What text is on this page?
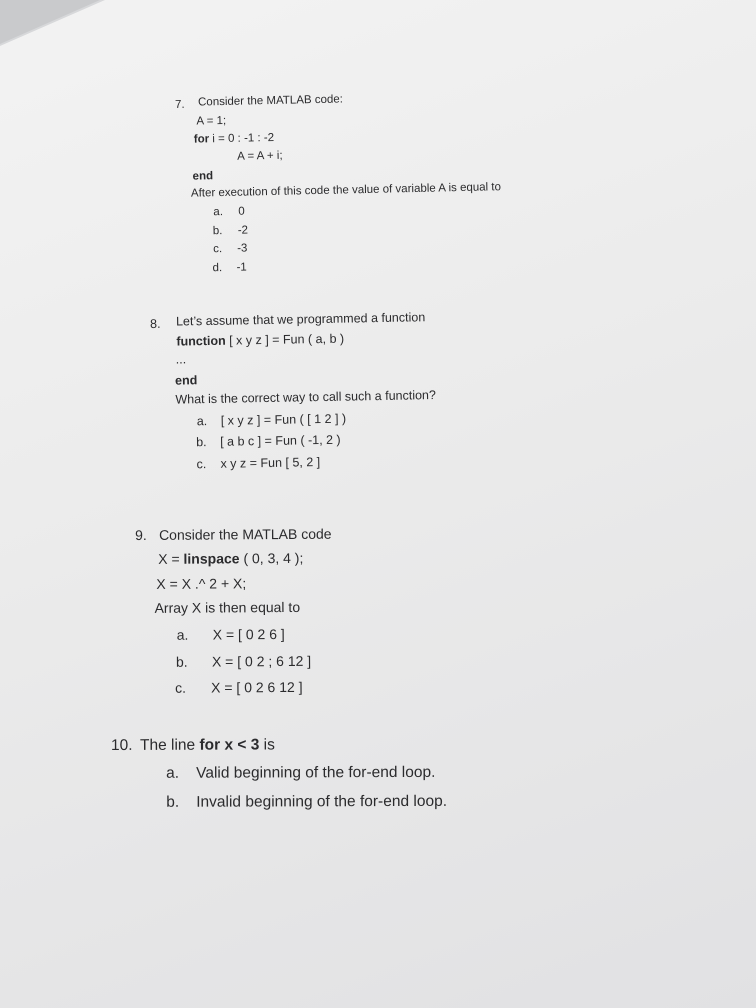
7. Consider the MATLAB code:
A = 1;
for i = 0 : -1 : -2
A = A + i;
end
After execution of this code the value of variable A is equal to
a. 0
b. -2
c. -3
d. -1
8. Let’s assume that we programmed a function
function [ x y z ] = Fun ( a, b )
...
end
What is the correct way to call such a function?
a. [ x y z ] = Fun ( [ 1 2 ] )
b. [ a b c ] = Fun ( -1, 2 )
c. x y z = Fun [ 5, 2 ]
9. Consider the MATLAB code
X = linspace ( 0, 3, 4 );
X = X .^ 2 + X;
Array X is then equal to
a. X = [ 0 2 6 ]
b. X = [ 0 2 ; 6 12 ]
c. X = [ 0 2 6 12 ]
10. The line for x < 3 is
a. Valid beginning of the for-end loop.
b. Invalid beginning of the for-end loop.
